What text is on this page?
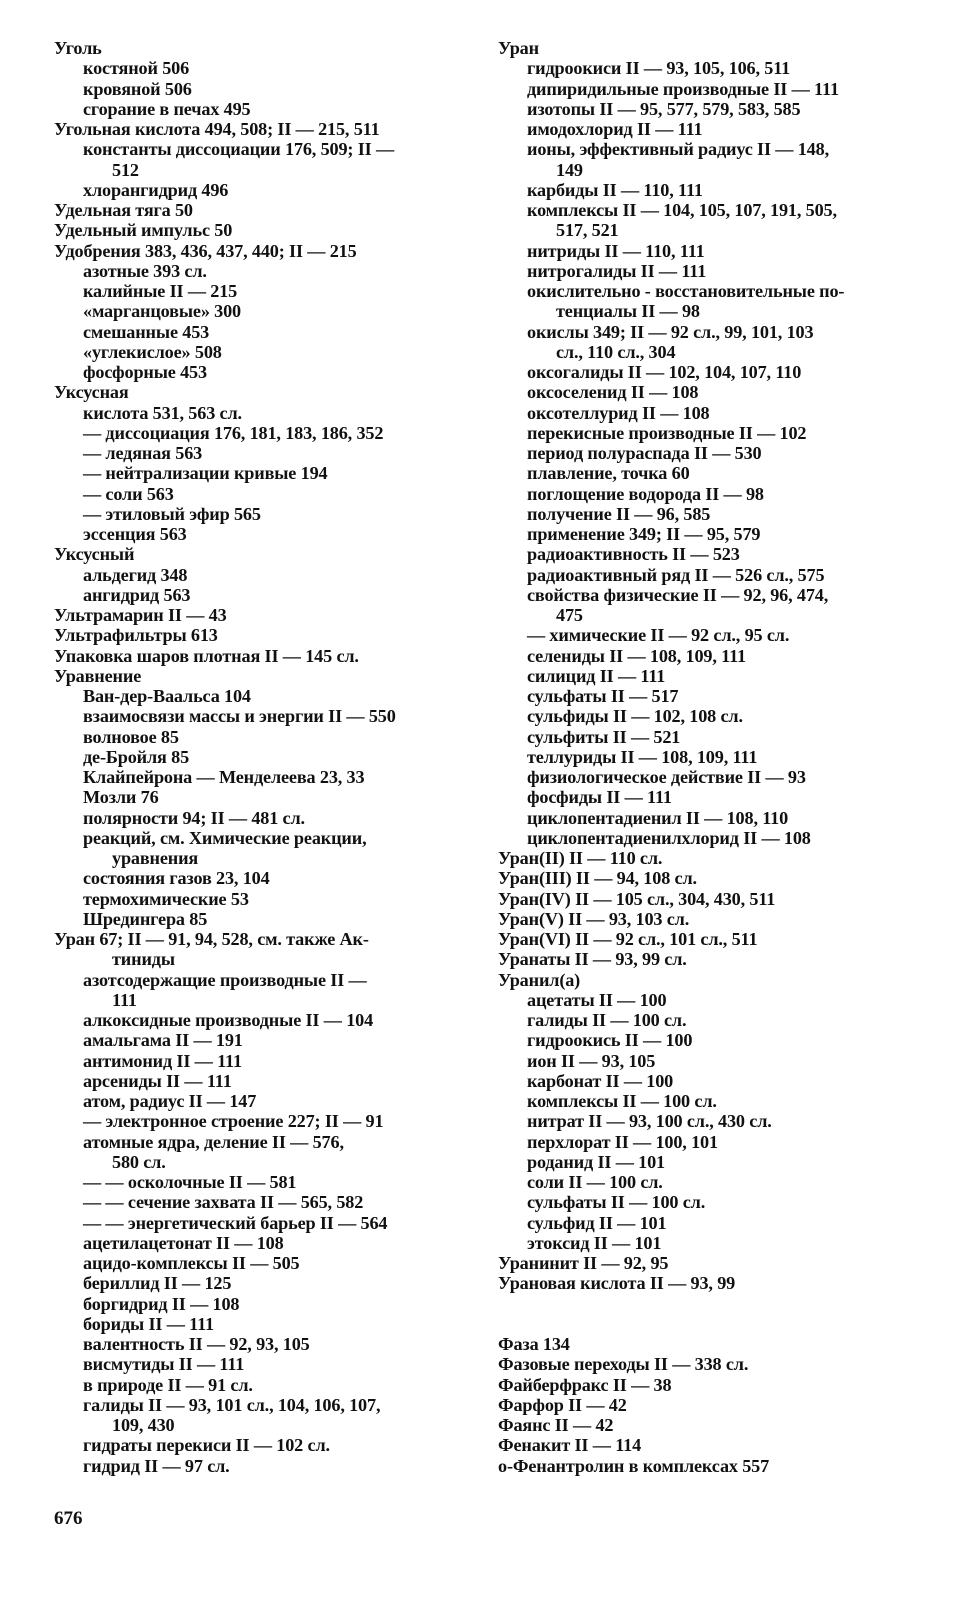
Уголь
костяной 506
кровяной 506
сгорание в печах 495
Угольная кислота 494, 508; II — 215, 511
константы диссоциации 176, 509; II —
512
хлорангидрид 496
Удельная тяга 50
Удельный импульс 50
Удобрения 383, 436, 437, 440; II — 215
азотные 393 сл.
калийные II — 215
«марганцовые» 300
смешанные 453
«углекислое» 508
фосфорные 453
Уксусная
кислота 531, 563 сл.
— диссоциация 176, 181, 183, 186, 352
— ледяная 563
— нейтрализации кривые 194
— соли 563
— этиловый эфир 565
эссенция 563
Уксусный
альдегид 348
ангидрид 563
Ультрамарин II — 43
Ультрафильтры 613
Упаковка шаров плотная II — 145 сл.
Уравнение
Ван-дер-Ваальса 104
взаимосвязи массы и энергии II — 550
волновое 85
де-Бройля 85
Клайпейрона — Менделеева 23, 33
Мозли 76
полярности 94; II — 481 сл.
реакций, см. Химические реакции,
уравнения
состояния газов 23, 104
термохимические 53
Шредингера 85
Уран 67; II — 91, 94, 528, см. также Ак-
тиниды
азотсодержащие производные II —
111
алкоксидные производные II — 104
амальгама II — 191
антимонид II — 111
арсениды II — 111
атом, радиус II — 147
— электронное строение 227; II — 91
атомные ядра, деление II — 576,
580 сл.
— — осколочные II — 581
— — сечение захвата II — 565, 582
— — энергетический барьер II — 564
ацетилацетонат II — 108
ацидо-комплексы II — 505
бериллид II — 125
боргидрид II — 108
бориды II — 111
валентность II — 92, 93, 105
висмутиды II — 111
в природе II — 91 сл.
галиды II — 93, 101 сл., 104, 106, 107,
109, 430
гидраты перекиси II — 102 сл.
гидрид II — 97 сл.
Уран
гидроокиси II — 93, 105, 106, 511
дипиридильные производные II — 111
изотопы II — 95, 577, 579, 583, 585
имодохлорид II — 111
ионы, эффективный радиус II — 148,
149
карбиды II — 110, 111
комплексы II — 104, 105, 107, 191, 505,
517, 521
нитриды II — 110, 111
нитрогалиды II — 111
окислительно - восстановительные по-
тенциалы II — 98
окислы 349; II — 92 сл., 99, 101, 103
сл., 110 сл., 304
оксогалиды II — 102, 104, 107, 110
оксоселенид II — 108
оксотеллурид II — 108
перекисные производные II — 102
период полураспада II — 530
плавление, точка 60
поглощение водорода II — 98
получение II — 96, 585
применение 349; II — 95, 579
радиоактивность II — 523
радиоактивный ряд II — 526 сл., 575
свойства физические II — 92, 96, 474,
475
— химические II — 92 сл., 95 сл.
селениды II — 108, 109, 111
силицид II — 111
сульфаты II — 517
сульфиды II — 102, 108 сл.
сульфиты II — 521
теллуриды II — 108, 109, 111
физиологическое действие II — 93
фосфиды II — 111
циклопентадиенил II — 108, 110
циклопентадиенилхлорид II — 108
Уран(II) II — 110 сл.
Уран(III) II — 94, 108 сл.
Уран(IV) II — 105 сл., 304, 430, 511
Уран(V) II — 93, 103 сл.
Уран(VI) II — 92 сл., 101 сл., 511
Уранаты II — 93, 99 сл.
Уранил(а)
ацетаты II — 100
галиды II — 100 сл.
гидроокись II — 100
ион II — 93, 105
карбонат II — 100
комплексы II — 100 сл.
нитрат II — 93, 100 сл., 430 сл.
перхлорат II — 100, 101
роданид II — 101
соли II — 100 сл.
сульфаты II — 100 сл.
сульфид II — 101
этоксид II — 101
Уранинит II — 92, 95
Урановая кислота II — 93, 99
Фаза 134
Фазовые переходы II — 338 сл.
Файберфракс II — 38
Фарфор II — 42
Фаянс II — 42
Фенакит II — 114
о-Фенантролин в комплексах 557
676
